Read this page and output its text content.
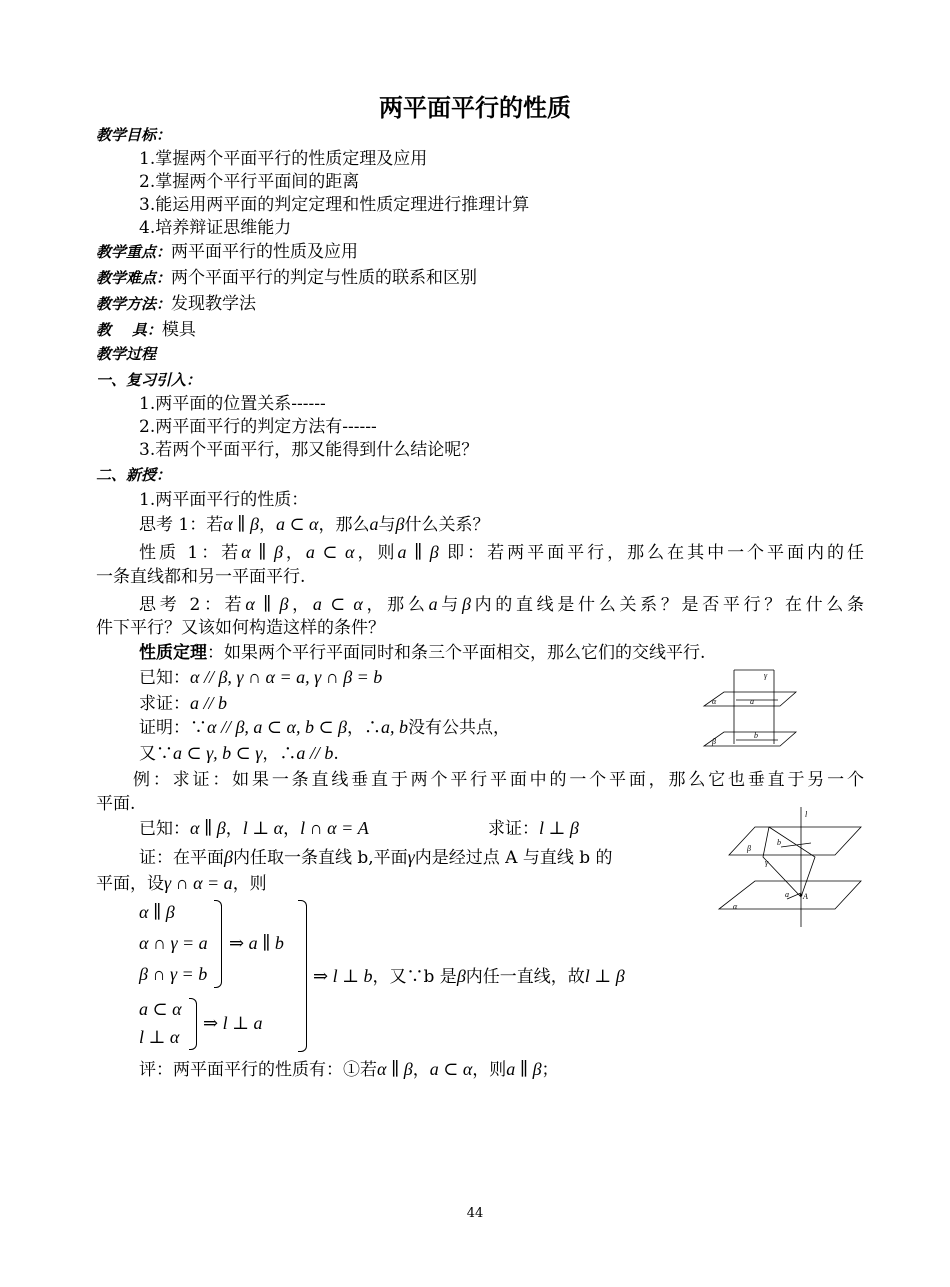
两平面平行的性质
教学目标：
1.掌握两个平面平行的性质定理及应用
2.掌握两个平行平面间的距离
3.能运用两平面的判定定理和性质定理进行推理计算
4.培养辩证思维能力
教学重点：两平面平行的性质及应用
教学难点：两个平面平行的判定与性质的联系和区别
教学方法：发现教学法
教    具：模具
教学过程
一、复习引入：
1.两平面的位置关系------
2.两平面平行的判定方法有------
3.若两个平面平行，那又能得到什么结论呢？
二、新授：
1.两平面平行的性质：
思考 1：若α ∥ β，a ⊂ α，那么a与β什么关系？
性质 1：若α ∥ β，a ⊂ α，则a ∥ β 即：若两平面平行，那么在其中一个平面内的任
一条直线都和另一平面平行.
思考 2：若α ∥ β，a ⊂ α，那么a与β内的直线是什么关系？是否平行？在什么条
件下平行？又该如何构造这样的条件？
性质定理：如果两个平行平面同时和条三个平面相交，那么它们的交线平行.
已知：α // β, γ ∩ α = a, γ ∩ β = b
求证：a // b
证明：∵α // β, a ⊂ α, b ⊂ β，∴a, b没有公共点，
又∵a ⊂ γ, b ⊂ γ，∴a // b.
例：求证：如果一条直线垂直于两个平行平面中的一个平面，那么它也垂直于另一个
平面.
已知：α ∥ β，l ⊥ α，l ∩ α = A	求证：l ⊥ β
证：在平面β内任取一条直线 b,平面γ内是经过点 A 与直线 b 的
平面，设γ ∩ α = a，则
α ∥ β
α ∩ γ = a
β ∩ γ = b
⇒ a ∥ b
a ⊂ α
l ⊥ α
⇒ l ⊥ a
⇒ l ⊥ b，又∵b 是β内任一直线，故l ⊥ β
评：两平面平行的性质有：①若α ∥ β，a ⊂ α，则a ∥ β；
γ
α	a
β
b
l
β
b
γ
a A
α
44
